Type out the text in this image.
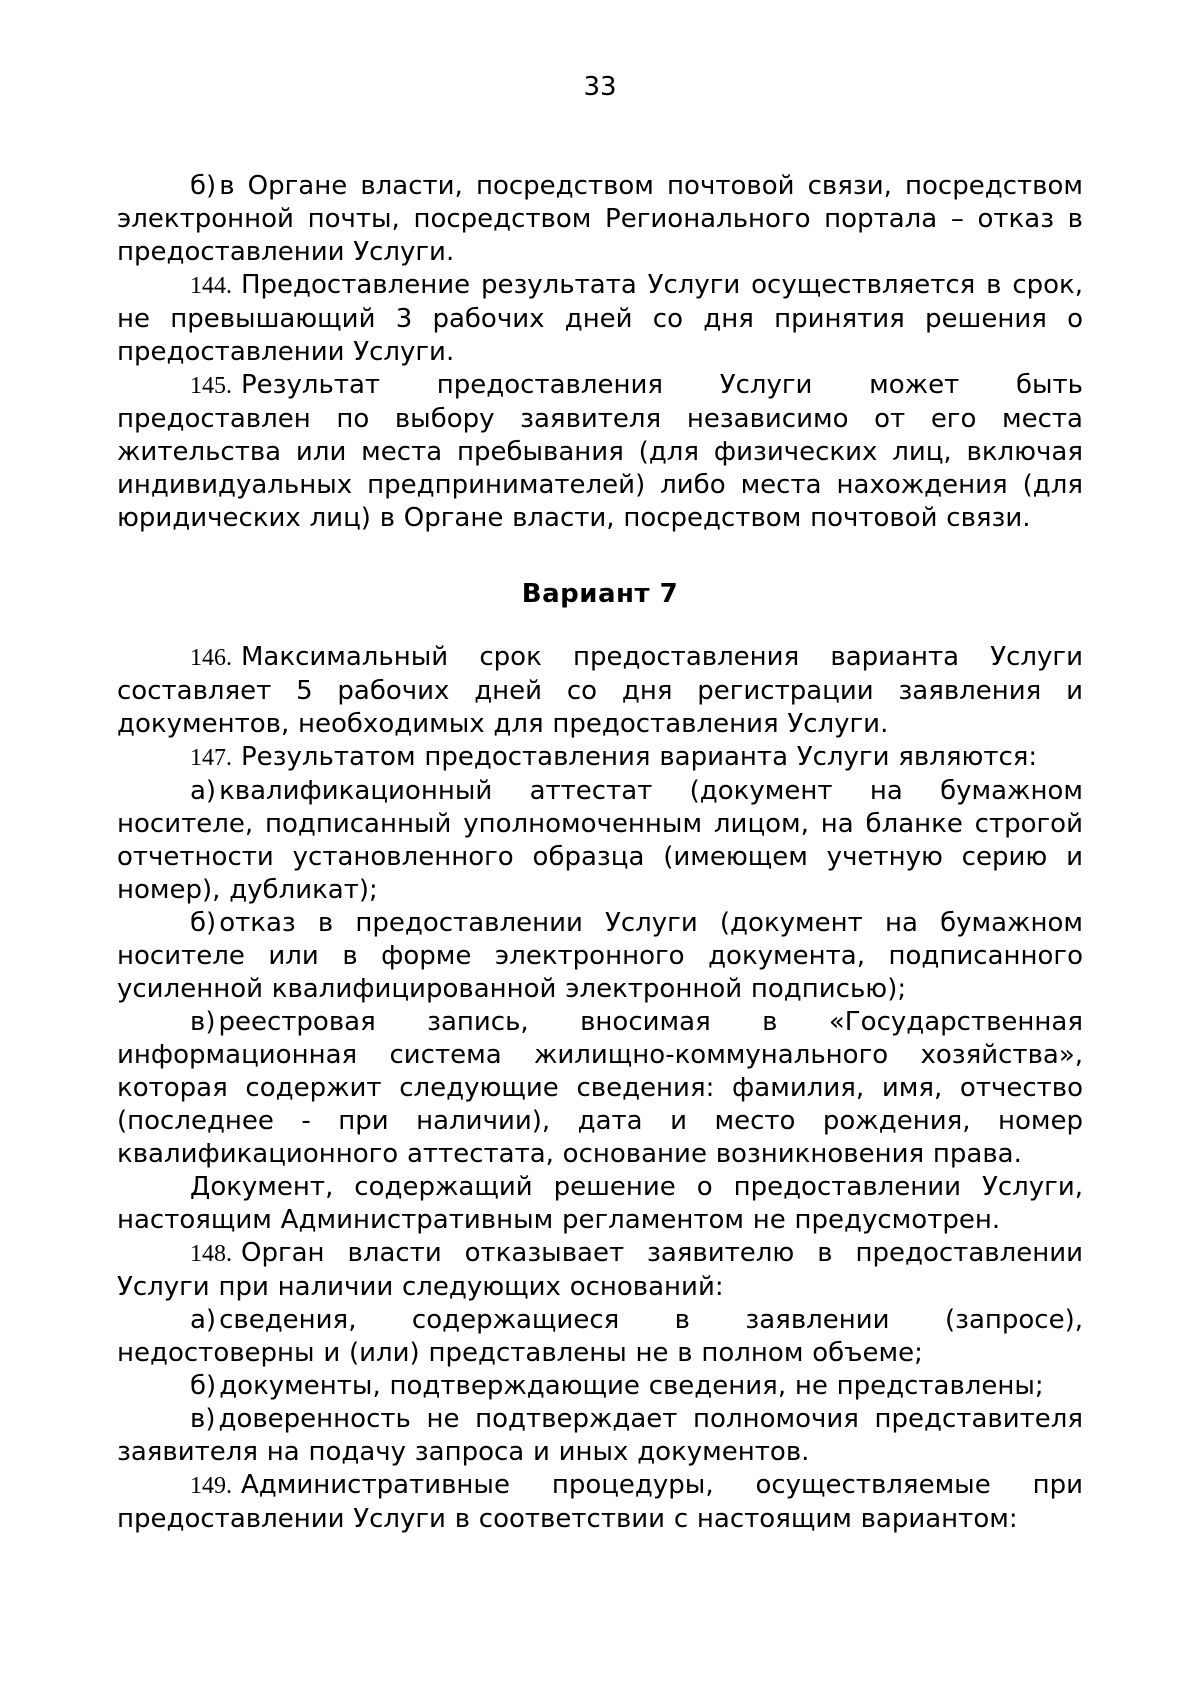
33

б) в Органе власти, посредством почтовой связи, посредством электронной почты, посредством Регионального портала – отказ в предоставлении Услуги.

144. Предоставление результата Услуги осуществляется в срок, не превышающий 3 рабочих дней со дня принятия решения о предоставлении Услуги.

145. Результат предоставления Услуги может быть предоставлен по выбору заявителя независимо от его места жительства или места пребывания (для физических лиц, включая индивидуальных предпринимателей) либо места нахождения (для юридических лиц) в Органе власти, посредством почтовой связи.

Вариант 7

146. Максимальный срок предоставления варианта Услуги составляет 5 рабочих дней со дня регистрации заявления и документов, необходимых для предоставления Услуги.

147. Результатом предоставления варианта Услуги являются:

а) квалификационный аттестат (документ на бумажном носителе, подписанный уполномоченным лицом, на бланке строгой отчетности установленного образца (имеющем учетную серию и номер), дубликат);

б) отказ в предоставлении Услуги (документ на бумажном носителе или в форме электронного документа, подписанного усиленной квалифицированной электронной подписью);

в) реестровая запись, вносимая в «Государственная информационная система жилищно-коммунального хозяйства», которая содержит следующие сведения: фамилия, имя, отчество (последнее - при наличии), дата и место рождения, номер квалификационного аттестата, основание возникновения права.

Документ, содержащий решение о предоставлении Услуги, настоящим Административным регламентом не предусмотрен.

148. Орган власти отказывает заявителю в предоставлении Услуги при наличии следующих оснований:

а) сведения, содержащиеся в заявлении (запросе), недостоверны и (или) представлены не в полном объеме;

б) документы, подтверждающие сведения, не представлены;

в) доверенность не подтверждает полномочия представителя заявителя на подачу запроса и иных документов.

149. Административные процедуры, осуществляемые при предоставлении Услуги в соответствии с настоящим вариантом:
